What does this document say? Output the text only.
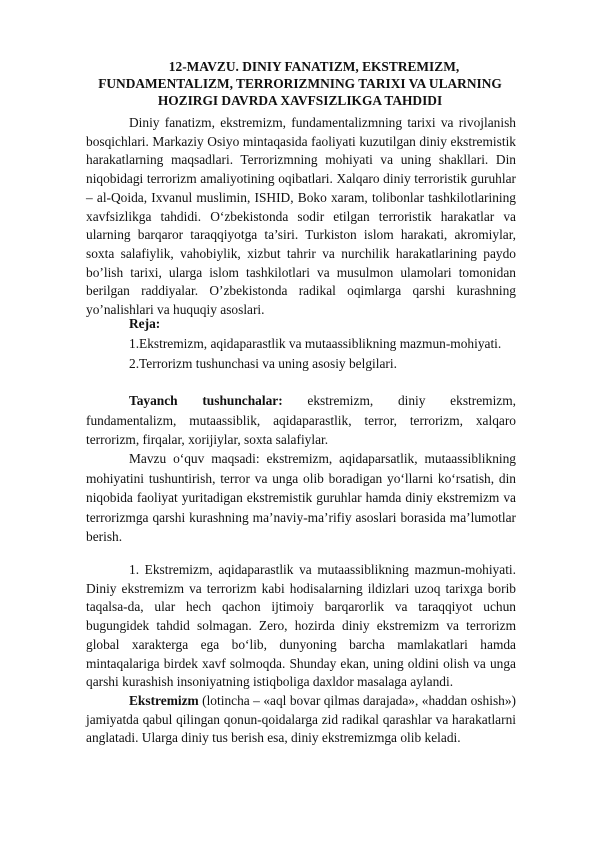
12-MAVZU. DINIY FANATIZM, EKSTREMIZM,
FUNDAMENTALIZM, TERRORIZMNING TARIXI VA ULARNING
HOZIRGI DAVRDA XAVFSIZLIKGA TAHDIDI

Diniy fanatizm, ekstremizm, fundamentalizmning tarixi va rivojlanish bosqichlari. Markaziy Osiyo mintaqasida faoliyati kuzutilgan diniy ekstremistik harakatlarning maqsadlari. Terrorizmning mohiyati va uning shakllari. Din niqobidagi terrorizm amaliyotining oqibatlari. Xalqaro diniy terroristik guruhlar – al-Qoida, Ixvanul muslimin, ISHID, Boko xaram, tolibonlar tashkilotlarining xavfsizlikga tahdidi. O‘zbekistonda sodir etilgan terroristik harakatlar va ularning barqaror taraqqiyotga ta’siri. Turkiston islom harakati, akromiylar, soxta salafiylik, vahobiylik, xizbut tahrir va nurchilik harakatlarining paydo bo’lish tarixi, ularga islom tashkilotlari va musulmon ulamolari tomonidan berilgan raddiyalar. O’zbekistonda radikal oqimlarga qarshi kurashning yo’nalishlari va huquqiy asoslari.

Reja:
1.Ekstremizm, aqidaparastlik va mutaassiblikning mazmun-mohiyati.
2.Terrorizm tushunchasi va uning asosiy belgilari.

Tayanch tushunchalar: ekstremizm, diniy ekstremizm, fundamentalizm, mutaassiblik, aqidaparastlik, terror, terrorizm, xalqaro terrorizm, firqalar, xorijiylar, soxta salafiylar.

Mavzu o‘quv maqsadi: ekstremizm, aqidaparsatlik, mutaassiblikning mohiyatini tushuntirish, terror va unga olib boradigan yo‘llarni ko‘rsatish, din niqobida faoliyat yuritadigan ekstremistik guruhlar hamda diniy ekstremizm va terrorizmga qarshi kurashning ma’naviy-ma’rifiy asoslari borasida ma’lumotlar berish.

1. Ekstremizm, aqidaparastlik va mutaassiblikning mazmun-mohiyati. Diniy ekstremizm va terrorizm kabi hodisalarning ildizlari uzoq tarixga borib taqalsa-da, ular hech qachon ijtimoiy barqarorlik va taraqqiyot uchun bugungidek tahdid solmagan. Zero, hozirda diniy ekstremizm va terrorizm global xarakterga ega bo‘lib, dunyoning barcha mamlakatlari hamda mintaqalariga birdek xavf solmoqda. Shunday ekan, uning oldini olish va unga qarshi kurashish insoniyatning istiqboliga daxldor masalaga aylandi.

Ekstremizm (lotincha – «aql bovar qilmas darajada», «haddan oshish») jamiyatda qabul qilingan qonun-qoidalarga zid radikal qarashlar va harakatlarni anglatadi. Ularga diniy tus berish esa, diniy ekstremizmga olib keladi.
